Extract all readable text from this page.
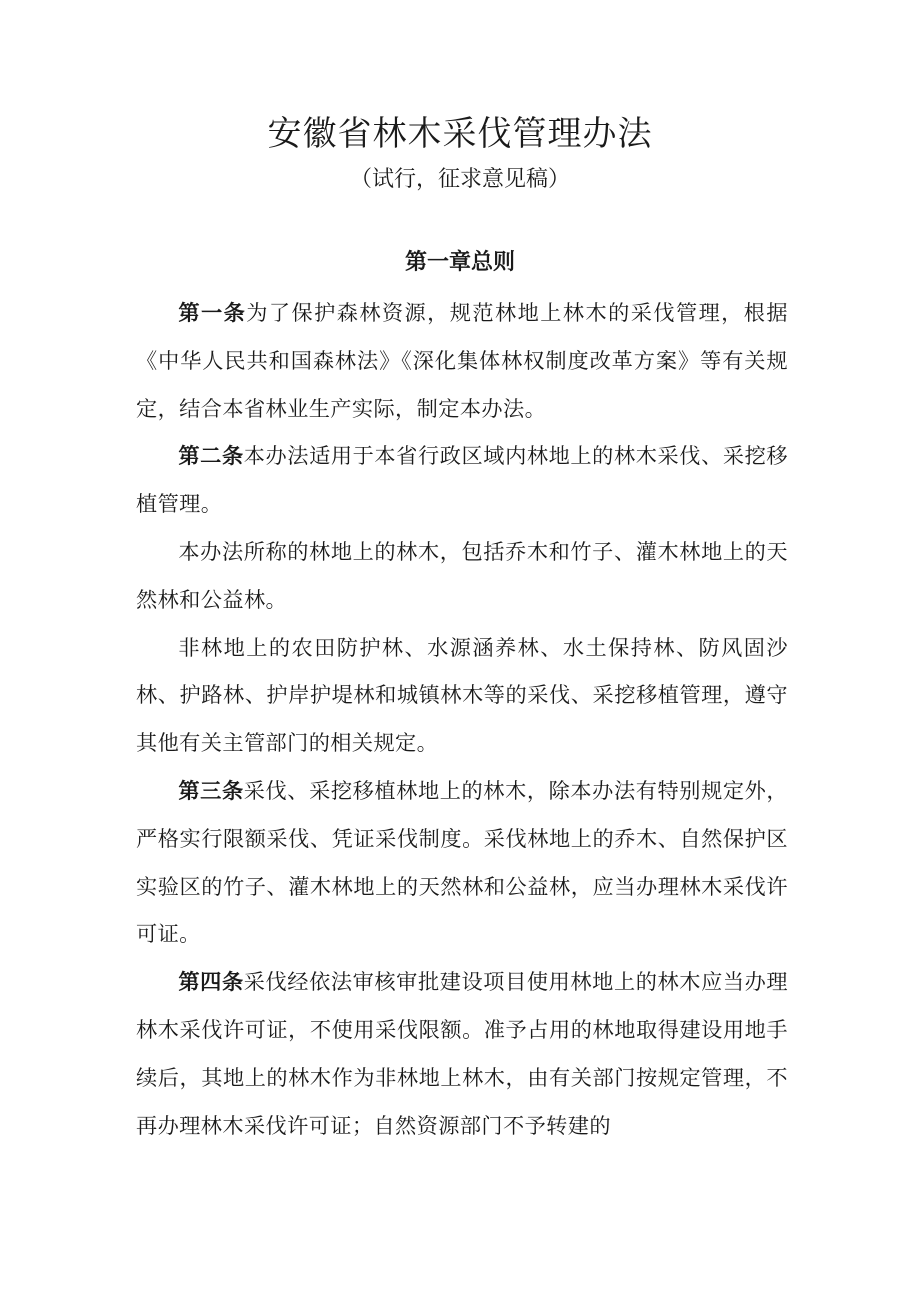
安徽省林木采伐管理办法

（试行，征求意见稿）

第一章总则

第一条为了保护森林资源，规范林地上林木的采伐管理，根据《中华人民共和国森林法》《深化集体林权制度改革方案》等有关规定，结合本省林业生产实际，制定本办法。

第二条本办法适用于本省行政区域内林地上的林木采伐、采挖移植管理。

本办法所称的林地上的林木，包括乔木和竹子、灌木林地上的天然林和公益林。

非林地上的农田防护林、水源涵养林、水土保持林、防风固沙林、护路林、护岸护堤林和城镇林木等的采伐、采挖移植管理，遵守其他有关主管部门的相关规定。

第三条采伐、采挖移植林地上的林木，除本办法有特别规定外，严格实行限额采伐、凭证采伐制度。采伐林地上的乔木、自然保护区实验区的竹子、灌木林地上的天然林和公益林，应当办理林木采伐许可证。

第四条采伐经依法审核审批建设项目使用林地上的林木应当办理林木采伐许可证，不使用采伐限额。准予占用的林地取得建设用地手续后，其地上的林木作为非林地上林木，由有关部门按规定管理，不再办理林木采伐许可证；自然资源部门不予转建的
